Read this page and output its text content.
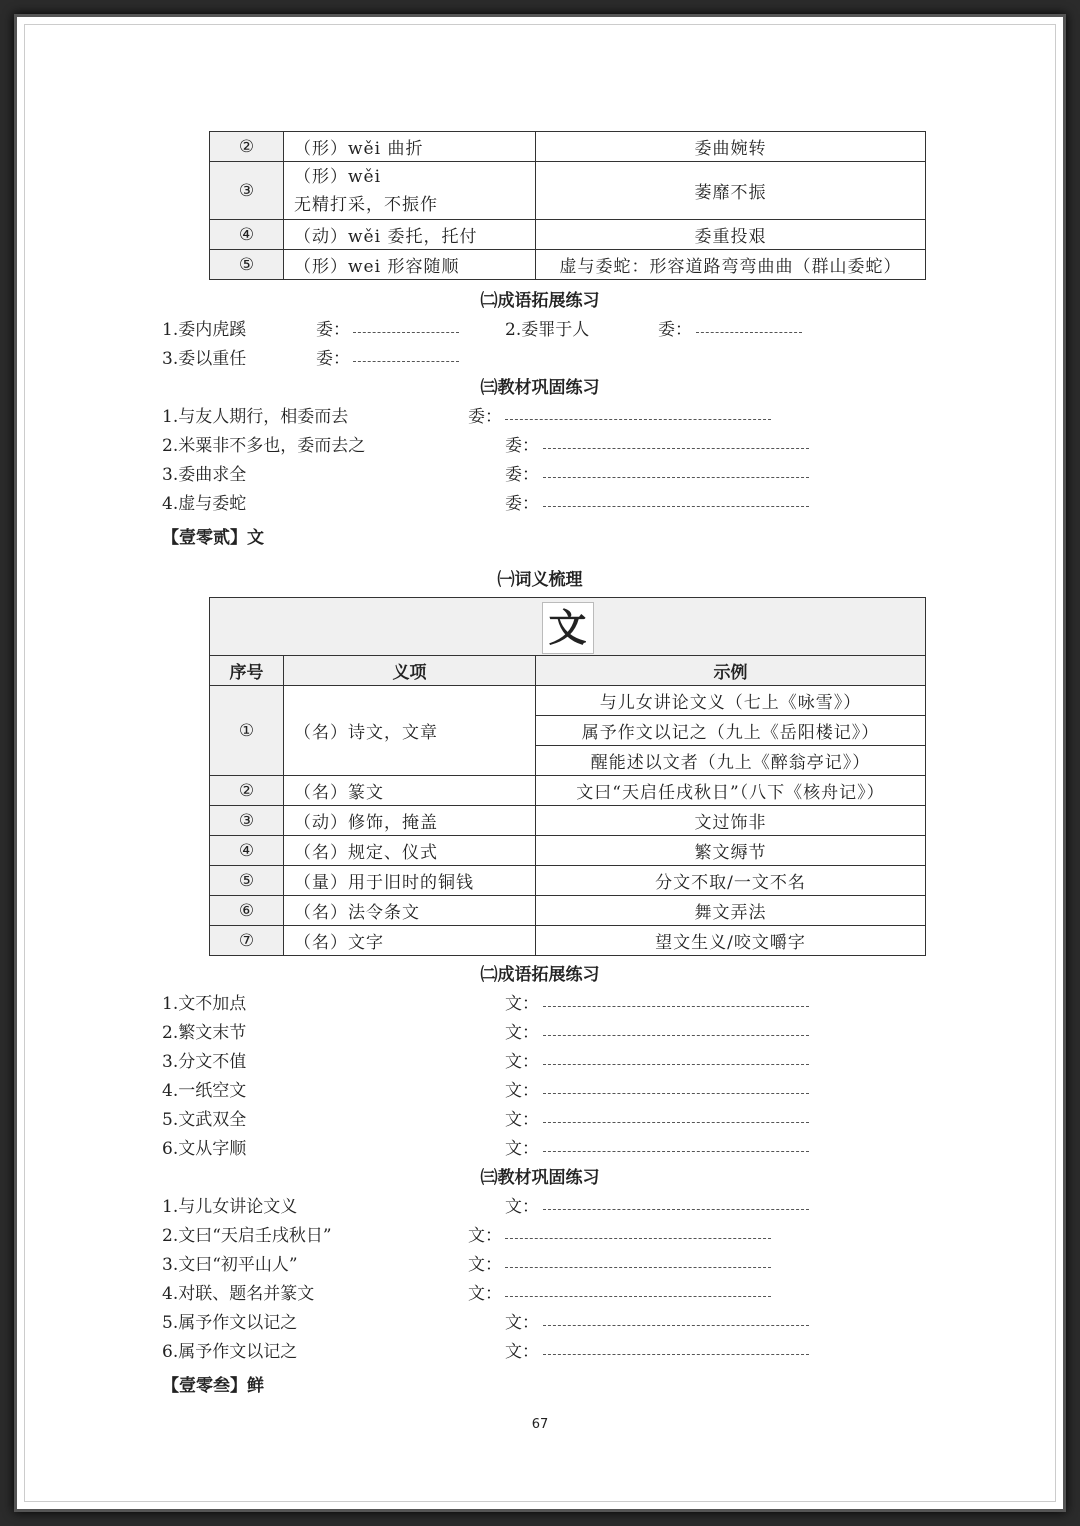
②	（形）wěi 曲折	委曲婉转
③	（形）wěi
无精打采，不振作	萎靡不振
④	（动）wěi 委托，托付	委重投艰
⑤	（形）wei 形容随顺	虚与委蛇：形容道路弯弯曲曲（群山委蛇）
㈡成语拓展练习
1.委内虎蹊	委：	2.委罪于人	委：
3.委以重任	委：
㈢教材巩固练习
1.与友人期行，相委而去	委：
2.米粟非不多也，委而去之	委：
3.委曲求全	委：
4.虚与委蛇	委：
【壹零贰】文
㈠词义梳理
文		
序号	义项	示例
①	（名）诗文，文章	与儿女讲论文义（七上《咏雪》）
		属予作文以记之（九上《岳阳楼记》）
		醒能述以文者（九上《醉翁亭记》）
②	（名）篆文	文曰“天启任戌秋日”（八下《核舟记》）
③	（动）修饰，掩盖	文过饰非
④	（名）规定、仪式	繁文缛节
⑤	（量）用于旧时的铜钱	分文不取/一文不名
⑥	（名）法令条文	舞文弄法
⑦	（名）文字	望文生义/咬文嚼字
㈡成语拓展练习
1.文不加点	文：
2.繁文末节	文：
3.分文不值	文：
4.一纸空文	文：
5.文武双全	文：
6.文从字顺	文：
㈢教材巩固练习
1.与儿女讲论文义	文：
2.文曰“天启壬戌秋日”	文：
3.文曰“初平山人”	文：
4.对联、题名并篆文	文：
5.属予作文以记之	文：
6.属予作文以记之	文：
【壹零叁】鲜
67
